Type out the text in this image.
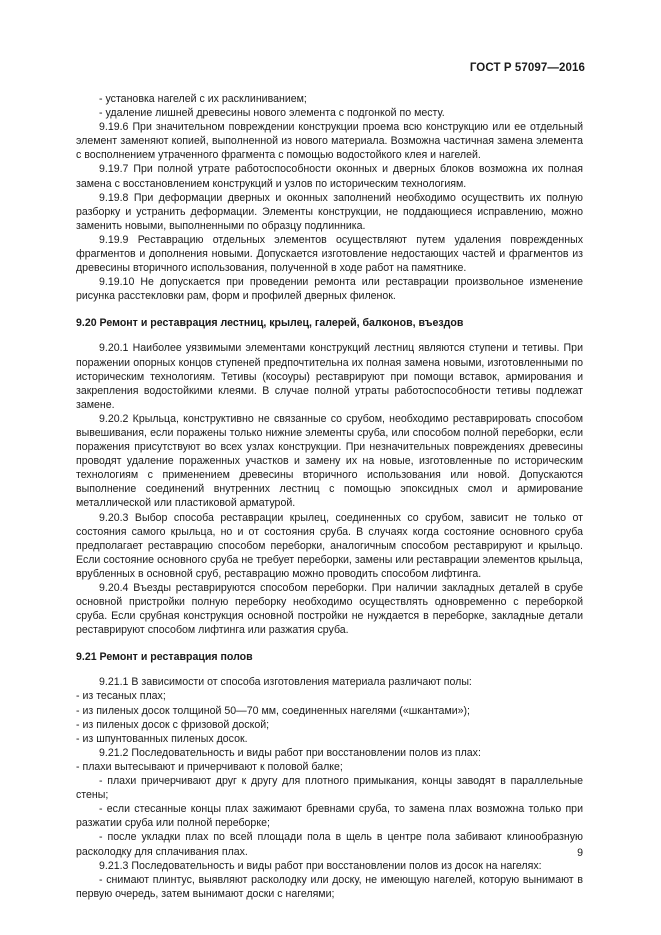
ГОСТ Р 57097—2016

- установка нагелей с их расклиниванием;

- удаление лишней древесины нового элемента с подгонкой по месту.

9.19.6 При значительном повреждении конструкции проема всю конструкцию или ее отдельный элемент заменяют копией, выполненной из нового материала. Возможна частичная замена элемента с восполнением утраченного фрагмента с помощью водостойкого клея и нагелей.

9.19.7 При полной утрате работоспособности оконных и дверных блоков возможна их полная замена с восстановлением конструкций и узлов по историческим технологиям.

9.19.8 При деформации дверных и оконных заполнений необходимо осуществить их полную разборку и устранить деформации. Элементы конструкции, не поддающиеся исправлению, можно заменить новыми, выполненными по образцу подлинника.

9.19.9 Реставрацию отдельных элементов осуществляют путем удаления поврежденных фрагментов и дополнения новыми. Допускается изготовление недостающих частей и фрагментов из древесины вторичного использования, полученной в ходе работ на памятнике.

9.19.10 Не допускается при проведении ремонта или реставрации произвольное изменение рисунка расстекловки рам, форм и профилей дверных филенок.

9.20 Ремонт и реставрация лестниц, крылец, галерей, балконов, въездов

9.20.1 Наиболее уязвимыми элементами конструкций лестниц являются ступени и тетивы. При поражении опорных концов ступеней предпочтительна их полная замена новыми, изготовленными по историческим технологиям. Тетивы (косоуры) реставрируют при помощи вставок, армирования и закрепления водостойкими клеями. В случае полной утраты работоспособности тетивы подлежат замене.

9.20.2 Крыльца, конструктивно не связанные со срубом, необходимо реставрировать способом вывешивания, если поражены только нижние элементы сруба, или способом полной переборки, если поражения присутствуют во всех узлах конструкции. При незначительных повреждениях древесины проводят удаление пораженных участков и замену их на новые, изготовленные по историческим технологиям с применением древесины вторичного использования или новой. Допускаются выполнение соединений внутренних лестниц с помощью эпоксидных смол и армирование металлической или пластиковой арматурой.

9.20.3 Выбор способа реставрации крылец, соединенных со срубом, зависит не только от состояния самого крыльца, но и от состояния сруба. В случаях когда состояние основного сруба предполагает реставрацию способом переборки, аналогичным способом реставрируют и крыльцо. Если состояние основного сруба не требует переборки, замены или реставрации элементов крыльца, врубленных в основной сруб, реставрацию можно проводить способом лифтинга.

9.20.4 Въезды реставрируются способом переборки. При наличии закладных деталей в срубе основной пристройки полную переборку необходимо осуществлять одновременно с переборкой сруба. Если срубная конструкция основной постройки не нуждается в переборке, закладные детали реставрируют способом лифтинга или разжатия сруба.

9.21 Ремонт и реставрация полов

9.21.1 В зависимости от способа изготовления материала различают полы:

- из тесаных плах;

- из пиленых досок толщиной 50—70 мм, соединенных нагелями («шкантами»);

- из пиленых досок с фризовой доской;

- из шпунтованных пиленых досок.

9.21.2 Последовательность и виды работ при восстановлении полов из плах:

- плахи вытесывают и причерчивают к половой балке;

- плахи причерчивают друг к другу для плотного примыкания, концы заводят в параллельные стены;

- если стесанные концы плах зажимают бревнами сруба, то замена плах возможна только при разжатии сруба или полной переборке;

- после укладки плах по всей площади пола в щель в центре пола забивают клинообразную расколодку для сплачивания плах.

9.21.3 Последовательность и виды работ при восстановлении полов из досок на нагелях:

- снимают плинтус, выявляют расколодку или доску, не имеющую нагелей, которую вынимают в первую очередь, затем вынимают доски с нагелями;

9
